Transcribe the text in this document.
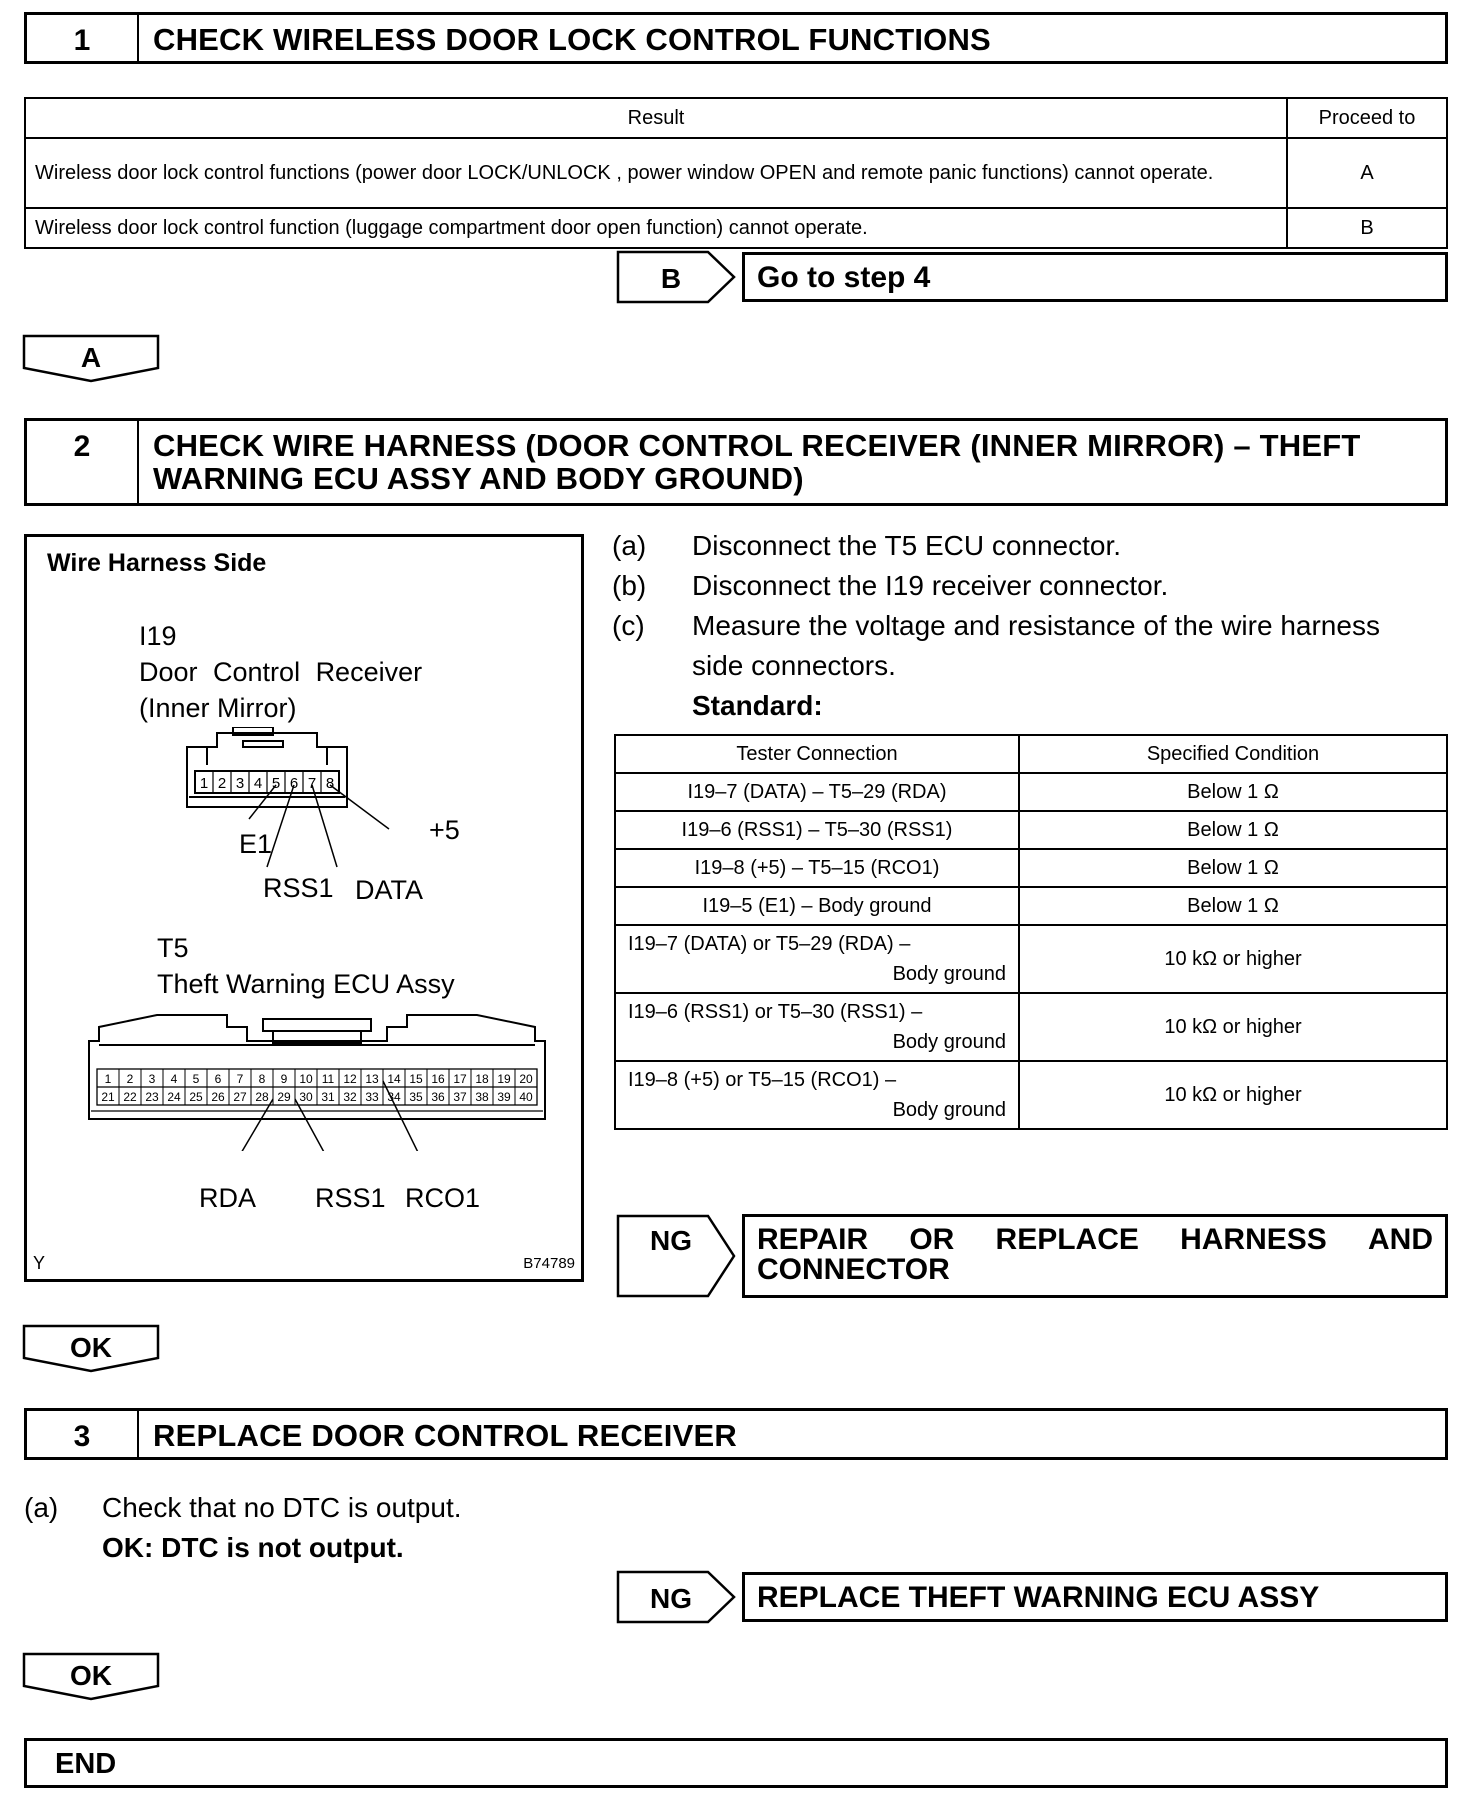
1	CHECK WIRELESS DOOR LOCK CONTROL FUNCTIONS
Result	Proceed to
Wireless door lock control functions (power door LOCK/UNLOCK , power window OPEN and remote panic functions) cannot operate.	A
Wireless door lock control function (luggage compartment door open function) cannot operate.	B
B	Go to step 4
A
2	CHECK WIRE HARNESS (DOOR CONTROL RECEIVER (INNER MIRROR) – THEFT
WARNING ECU ASSY AND BODY GROUND)
Wire Harness Side
I19
Door Control Receiver
(Inner Mirror)
1 2 3 4 5 6 7 8
E1	+5
RSS1 DATA
T5
Theft Warning ECU Assy
1 2 3 4 5 6 7 8 9 10 11 12 13 14 15 16 17 18 19 20
21 22 23 24 25 26 27 28 29 30 31 32 33 34 35 36 37 38 39 40
RDA RSS1 RCO1
Y	B74789
(a) Disconnect the T5 ECU connector.
(b) Disconnect the I19 receiver connector.
(c) Measure the voltage and resistance of the wire harness
side connectors.
Standard:
Tester Connection	Specified Condition
I19–7 (DATA) – T5–29 (RDA)	Below 1 Ω
I19–6 (RSS1) – T5–30 (RSS1)	Below 1 Ω
I19–8 (+5) – T5–15 (RCO1)	Below 1 Ω
I19–5 (E1) – Body ground	Below 1 Ω

I19–7 (DATA) or T5–29 (RDA) –
Body ground	10 kΩ or higher

I19–6 (RSS1) or T5–30 (RSS1) –
Body ground	10 kΩ or higher

I19–8 (+5) or T5–15 (RCO1) –
Body ground	10 kΩ or higher
NG REPAIR OR REPLACE HARNESS AND
CONNECTOR
OK
3	REPLACE DOOR CONTROL RECEIVER
(a) Check that no DTC is output.
OK: DTC is not output.
NG	REPLACE THEFT WARNING ECU ASSY
OK
END
